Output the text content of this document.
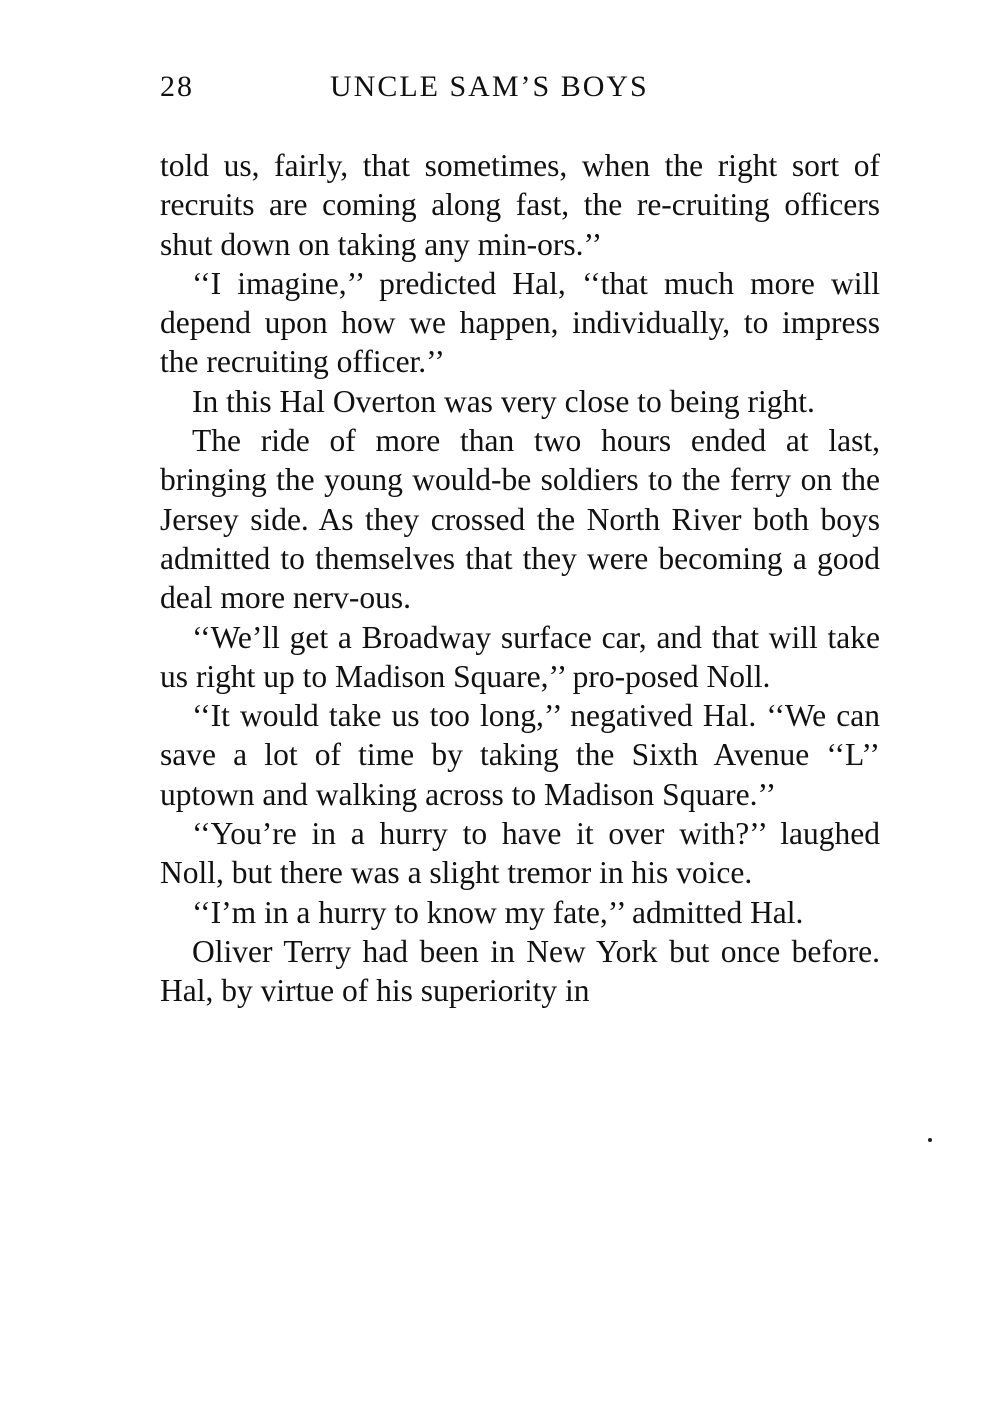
28	UNCLE SAM’S BOYS

told us, fairly, that sometimes, when the right sort of recruits are coming along fast, the re-cruiting officers shut down on taking any min-ors.’’

‘‘I imagine,’’ predicted Hal, ‘‘that much more will depend upon how we happen, individually, to impress the recruiting officer.’’

In this Hal Overton was very close to being right.

The ride of more than two hours ended at last, bringing the young would-be soldiers to the ferry on the Jersey side. As they crossed the North River both boys admitted to themselves that they were becoming a good deal more nerv-ous.

‘‘We’ll get a Broadway surface car, and that will take us right up to Madison Square,’’ pro-posed Noll.

‘‘It would take us too long,’’ negatived Hal. ‘‘We can save a lot of time by taking the Sixth Avenue ‘‘L’’ uptown and walking across to Madison Square.’’

‘‘You’re in a hurry to have it over with?’’ laughed Noll, but there was a slight tremor in his voice.

‘‘I’m in a hurry to know my fate,’’ admitted Hal.

Oliver Terry had been in New York but once before. Hal, by virtue of his superiority in
